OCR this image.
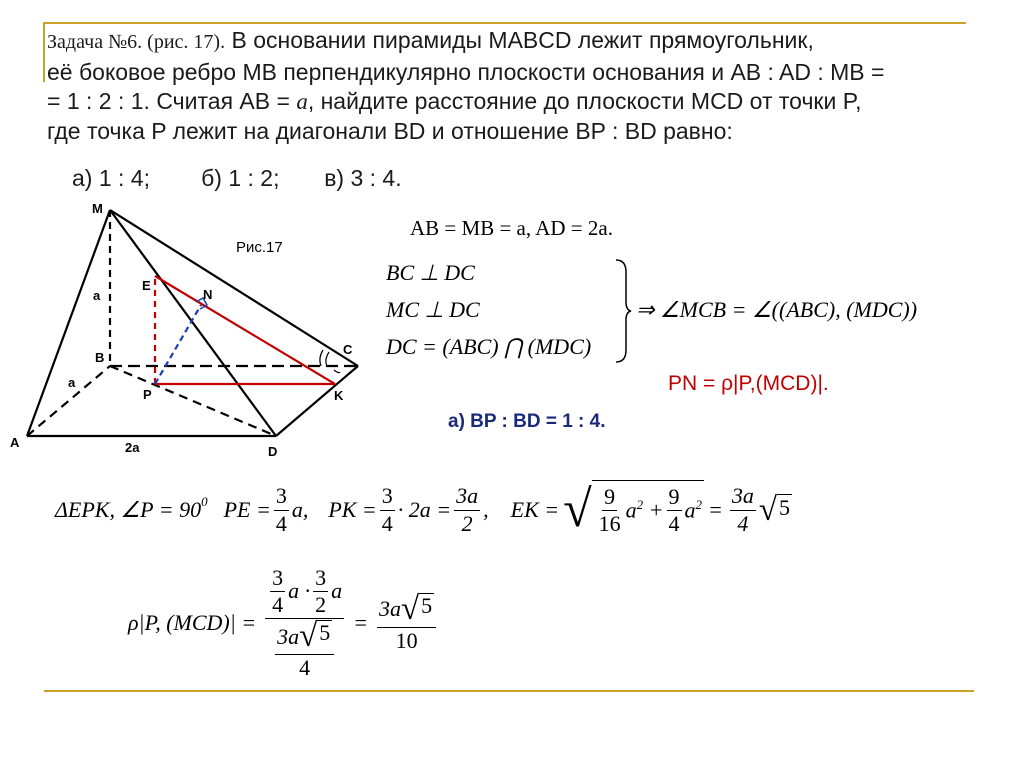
Задача №6. (рис. 17). В основании пирамиды MABCD лежит прямоугольник,
её боковое ребро MB перпендикулярно плоскости основания и AB : AD : MB =
= 1 : 2 : 1. Считая AB = a, найдите расстояние до плоскости MCD от точки P,
где точка P лежит на диагонали BD и отношение BP : BD равно:
а) 1 : 4;        б) 1 : 2;       в) 3 : 4.
M
E
N
B
C
P	K
A
D
a
a
2a
Рис.17
AB = MB = a, AD = 2a.
BC ⊥ DC
MC ⊥ DC
DC = (ABC) ⋂ (MDC)
⇒ ∠MCB = ∠((ABC), (MDC))
PN = ρ|P,(MCD)|.
а) BP : BD = 1 : 4.
ΔEPK, ∠P = $90^0$ PE = $\frac{3}{4} a$, PK = $\frac{3}{4} \cdot 2a = \frac{3a}{2}$ , EK = √ $\frac{9}{16} a^2 + \frac{9}{4} a^2 = \frac{3a}{4}$ √ 5
ρ|P, $(MCD)| = \frac{\frac{3}{4} a \cdot \frac{3}{2} a}{\frac{3a √ 5}{4}} = \frac{3a √ 5}{10}$
